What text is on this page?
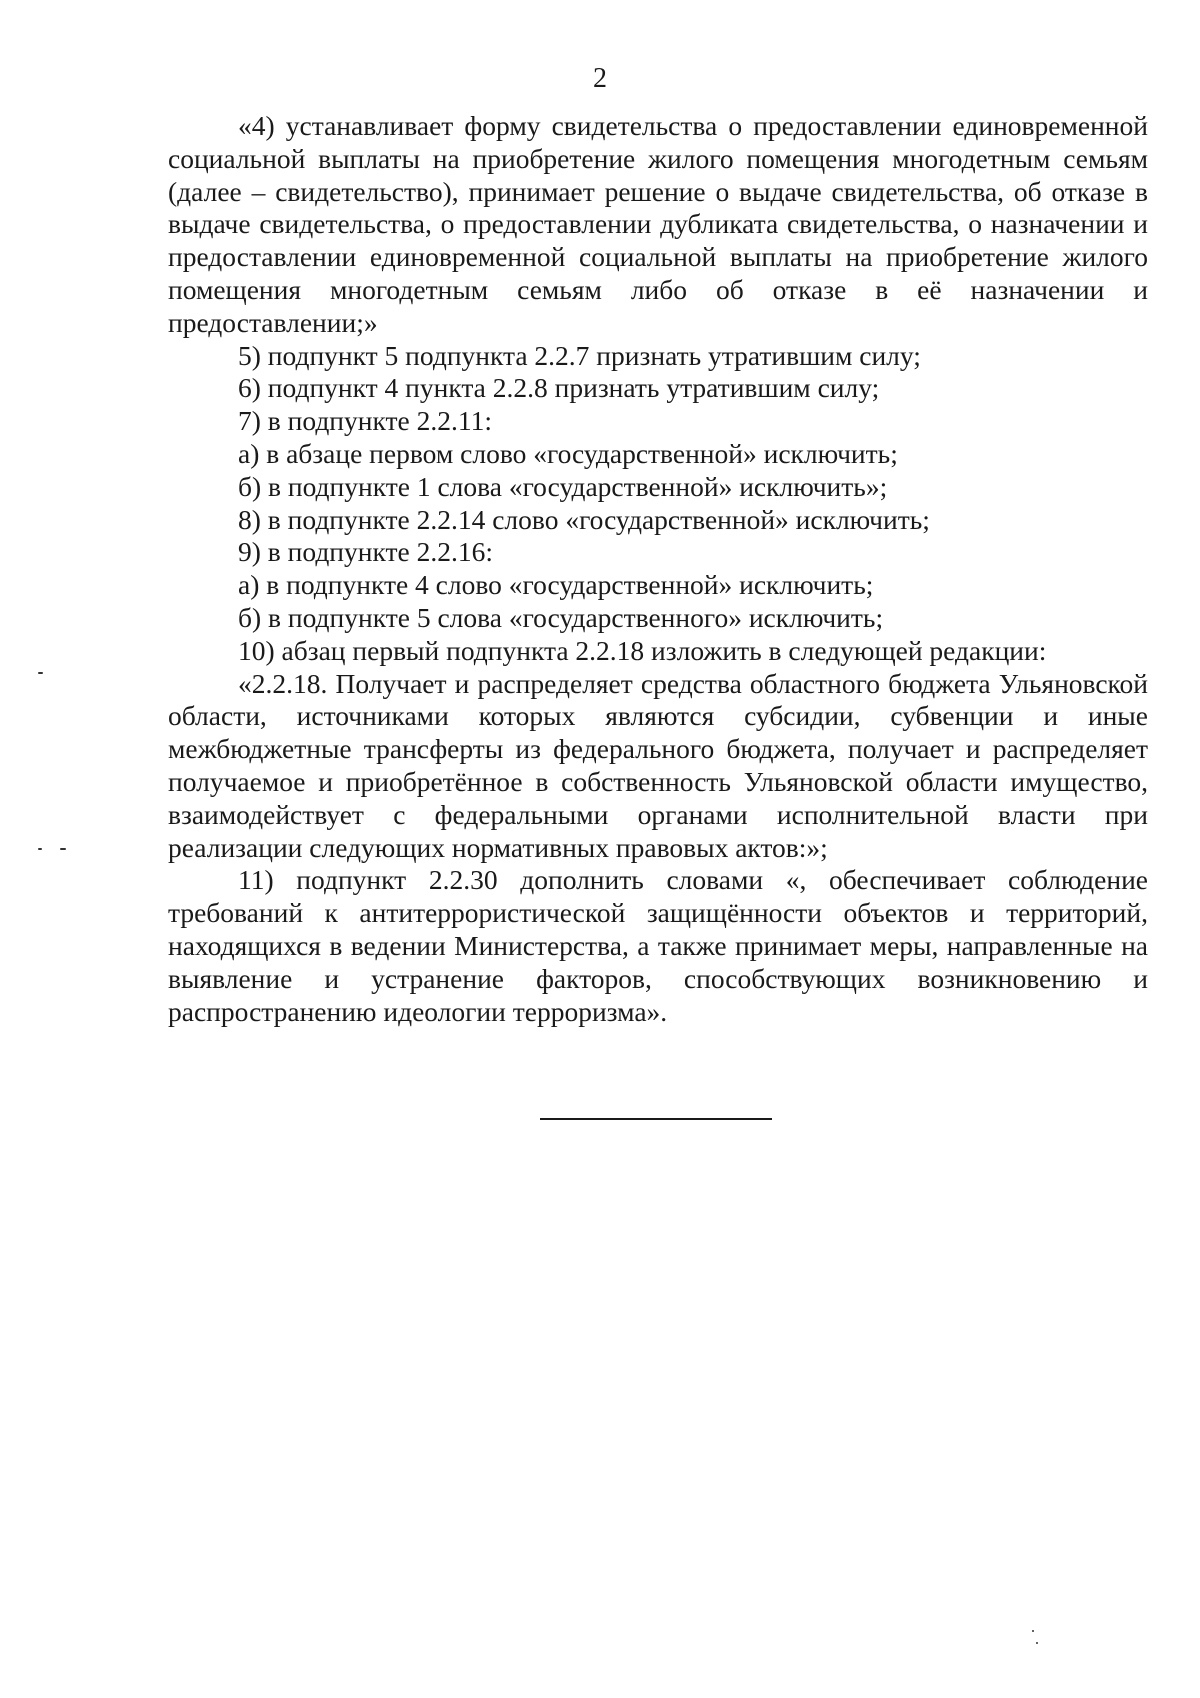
2

«4) устанавливает форму свидетельства о предоставлении единовременной социальной выплаты на приобретение жилого помещения многодетным семьям (далее – свидетельство), принимает решение о выдаче свидетельства, об отказе в выдаче свидетельства, о предоставлении дубликата свидетельства, о назначении и предоставлении единовременной социальной выплаты на приобретение жилого помещения многодетным семьям либо об отказе в её назначении и предоставлении;»

5) подпункт 5 подпункта 2.2.7 признать утратившим силу;

6) подпункт 4 пункта 2.2.8 признать утратившим силу;

7) в подпункте 2.2.11:

а) в абзаце первом слово «государственной» исключить;

б) в подпункте 1 слова «государственной» исключить»;

8) в подпункте 2.2.14 слово «государственной» исключить;

9) в подпункте 2.2.16:

а) в подпункте 4 слово «государственной» исключить;

б) в подпункте 5 слова «государственного» исключить;

10) абзац первый подпункта 2.2.18 изложить в следующей редакции:

«2.2.18. Получает и распределяет средства областного бюджета Ульяновской области, источниками которых являются субсидии, субвенции и иные межбюджетные трансферты из федерального бюджета, получает и распределяет получаемое и приобретённое в собственность Ульяновской области имущество, взаимодействует с федеральными органами исполнительной власти при реализации следующих нормативных правовых актов:»;

11) подпункт 2.2.30 дополнить словами «, обеспечивает соблюдение требований к антитеррористической защищённости объектов и территорий, находящихся в ведении Министерства, а также принимает меры, направленные на выявление и устранение факторов, способствующих возникновению и распространению идеологии терроризма».
